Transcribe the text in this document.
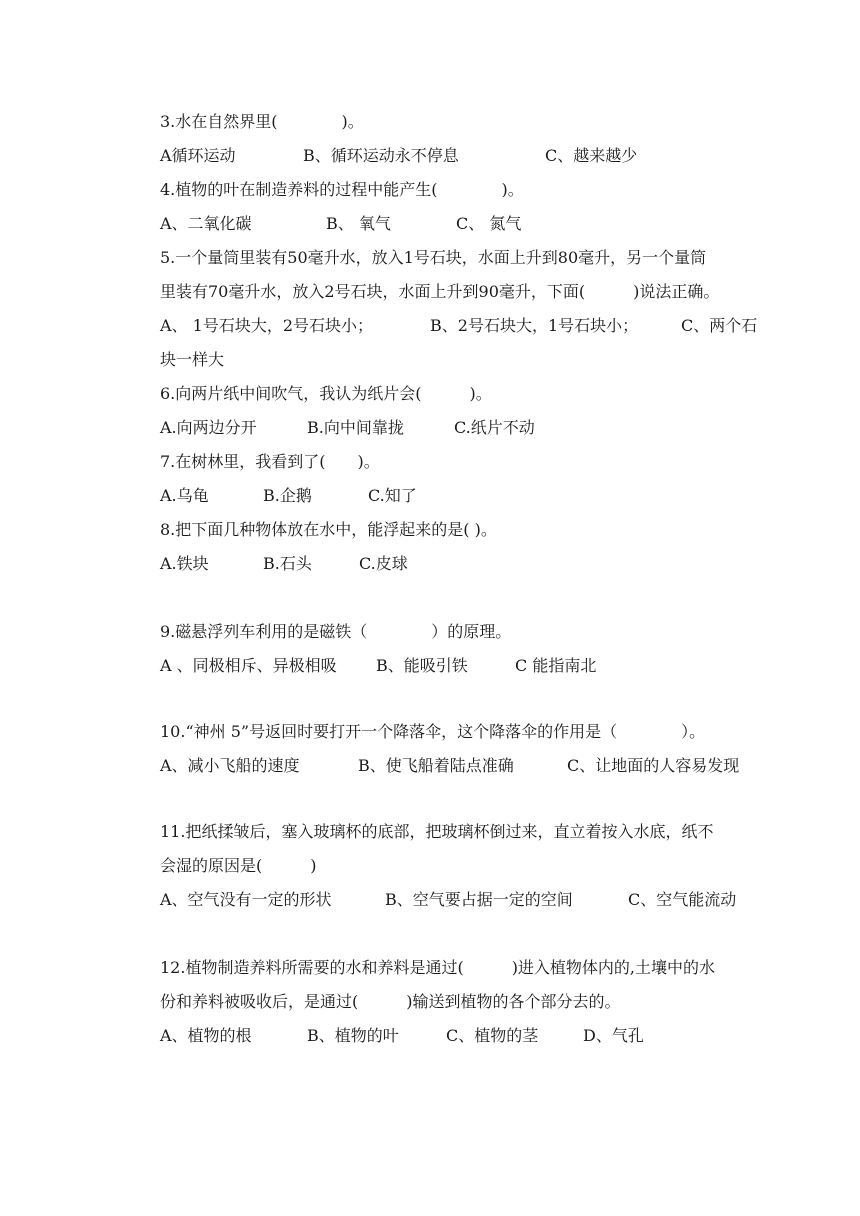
3.水在自然界里(　　　　)。
A循环运动	B、循环运动永不停息	C、越来越少
4.植物的叶在制造养料的过程中能产生(　　　　)。
A、二氧化碳	B、 氧气	C、 氮气
5.一个量筒里装有50毫升水，放入1号石块，水面上升到80毫升，另一个量筒
里装有70毫升水，放入2号石块，水面上升到90毫升，下面(　　　)说法正确。
A、 1号石块大，2号石块小；	B、2号石块大，1号石块小；	C、两个石
块一样大
6.向两片纸中间吹气，我认为纸片会(　　　)。
A.向两边分开	B.向中间靠拢	C.纸片不动
7.在树林里，我看到了(　　)。
A.乌龟	B.企鹅	C.知了
8.把下面几种物体放在水中，能浮起来的是( )。
A.铁块	B.石头	C.皮球
9.磁悬浮列车利用的是磁铁（　　　　）的原理。
A 、同极相斥、异极相吸 B、能吸引铁	C 能指南北
10.“神州 5”号返回时要打开一个降落伞，这个降落伞的作用是（　　　　）。
A、减小飞船的速度	B、使飞船着陆点准确	C、让地面的人容易发现
11.把纸揉皱后，塞入玻璃杯的底部，把玻璃杯倒过来，直立着按入水底，纸不
会湿的原因是(　　　)
A、空气没有一定的形状	B、空气要占据一定的空间	C、空气能流动
12.植物制造养料所需要的水和养料是通过(　　　)进入植物体内的,土壤中的水
份和养料被吸收后，是通过(　　　)输送到植物的各个部分去的。
A、植物的根	B、植物的叶	C、植物的茎	D、气孔
